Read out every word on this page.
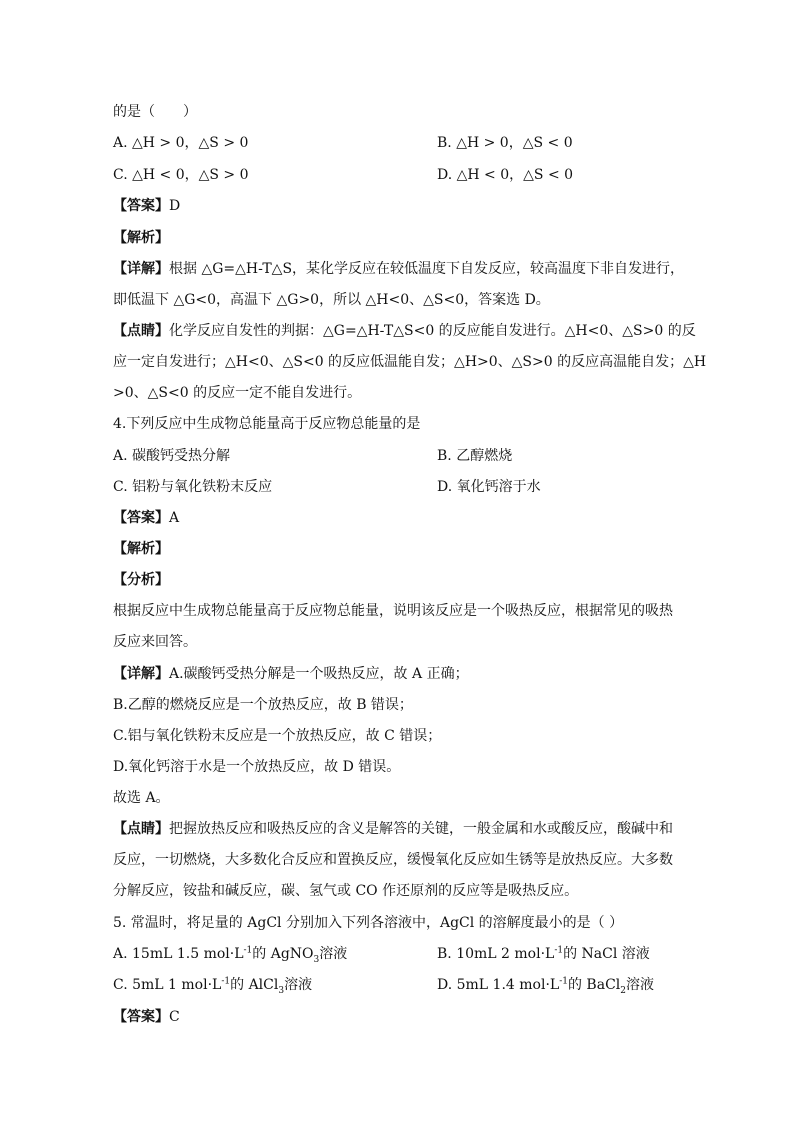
的是（　　）
A. △H > 0，△S > 0	B. △H > 0，△S < 0
C. △H < 0，△S > 0	D. △H < 0，△S < 0
【答案】D
【解析】
【详解】根据 △G=△H-T△S，某化学反应在较低温度下自发反应，较高温度下非自发进行，
即低温下 △G<0，高温下 △G>0，所以 △H<0、△S<0，答案选 D。
【点睛】化学反应自发性的判据：△G=△H-T△S<0 的反应能自发进行。△H<0、△S>0 的反
应一定自发进行；△H<0、△S<0 的反应低温能自发；△H>0、△S>0 的反应高温能自发；△H
>0、△S<0 的反应一定不能自发进行。
4.下列反应中生成物总能量高于反应物总能量的是
A. 碳酸钙受热分解	B. 乙醇燃烧
C. 铝粉与氧化铁粉末反应	D. 氧化钙溶于水
【答案】A
【解析】
【分析】
根据反应中生成物总能量高于反应物总能量，说明该反应是一个吸热反应，根据常见的吸热
反应来回答。
【详解】A.碳酸钙受热分解是一个吸热反应，故 A 正确；
B.乙醇的燃烧反应是一个放热反应，故 B 错误；
C.铝与氧化铁粉末反应是一个放热反应，故 C 错误；
D.氧化钙溶于水是一个放热反应，故 D 错误。
故选 A。
【点睛】把握放热反应和吸热反应的含义是解答的关键，一般金属和水或酸反应，酸碱中和
反应，一切燃烧，大多数化合反应和置换反应，缓慢氧化反应如生锈等是放热反应。大多数
分解反应，铵盐和碱反应，碳、氢气或 CO 作还原剂的反应等是吸热反应。
5. 常温时，将足量的 AgCl 分别加入下列各溶液中，AgCl 的溶解度最小的是（ ）
A. 15mL 1.5 $mol\cdot L^{-1}$的 AgNO$_3$溶液	B. 10mL 2 $mol\cdot L^{-1}$的 NaCl 溶液
C. 5mL 1 $mol\cdot L^{-1}$的 AlCl$_3$溶液	D. 5mL 1.4 $mol\cdot L^{-1}$的 BaCl$_2$溶液
【答案】C
